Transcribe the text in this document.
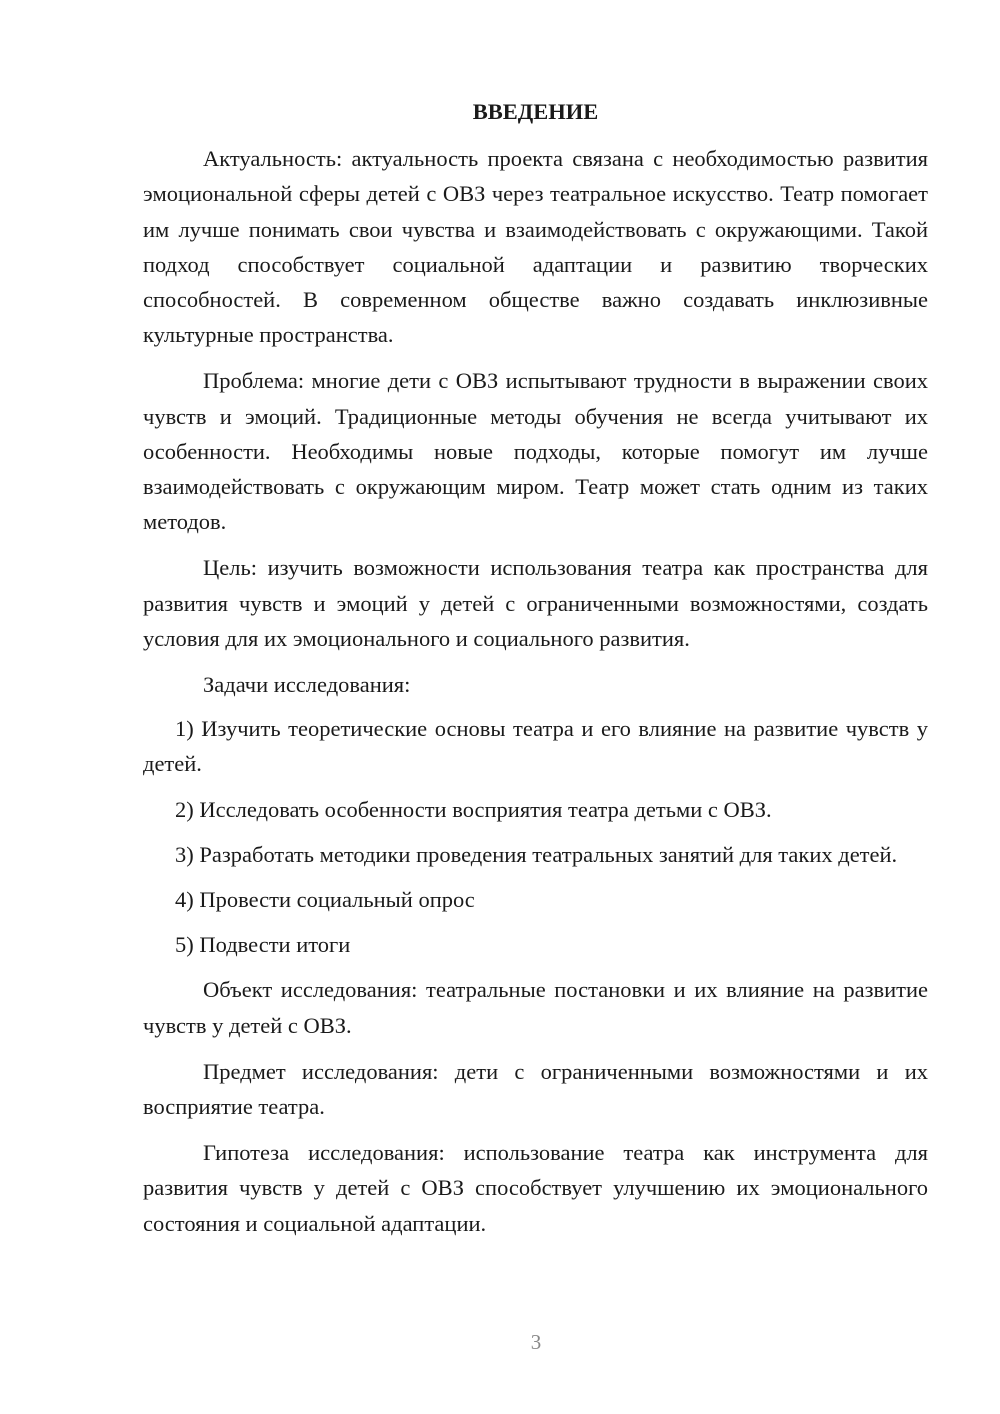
ВВЕДЕНИЕ

Актуальность: актуальность проекта связана с необходимостью развития эмоциональной сферы детей с ОВЗ через театральное искусство. Театр помогает им лучше понимать свои чувства и взаимодействовать с окружающими. Такой подход способствует социальной адаптации и развитию творческих способностей. В современном обществе важно создавать инклюзивные культурные пространства.

Проблема: многие дети с ОВЗ испытывают трудности в выражении своих чувств и эмоций. Традиционные методы обучения не всегда учитывают их особенности. Необходимы новые подходы, которые помогут им лучше взаимодействовать с окружающим миром. Театр может стать одним из таких методов.

Цель: изучить возможности использования театра как пространства для развития чувств и эмоций у детей с ограниченными возможностями, создать условия для их эмоционального и социального развития.

Задачи исследования:

1) Изучить теоретические основы театра и его влияние на развитие чувств у детей.

2) Исследовать особенности восприятия театра детьми с ОВЗ.

3) Разработать методики проведения театральных занятий для таких детей.

4) Провести социальный опрос

5) Подвести итоги

Объект исследования: театральные постановки и их влияние на развитие чувств у детей с ОВЗ.

Предмет исследования: дети с ограниченными возможностями и их восприятие театра.

Гипотеза исследования: использование театра как инструмента для развития чувств у детей с ОВЗ способствует улучшению их эмоционального состояния и социальной адаптации.

3
